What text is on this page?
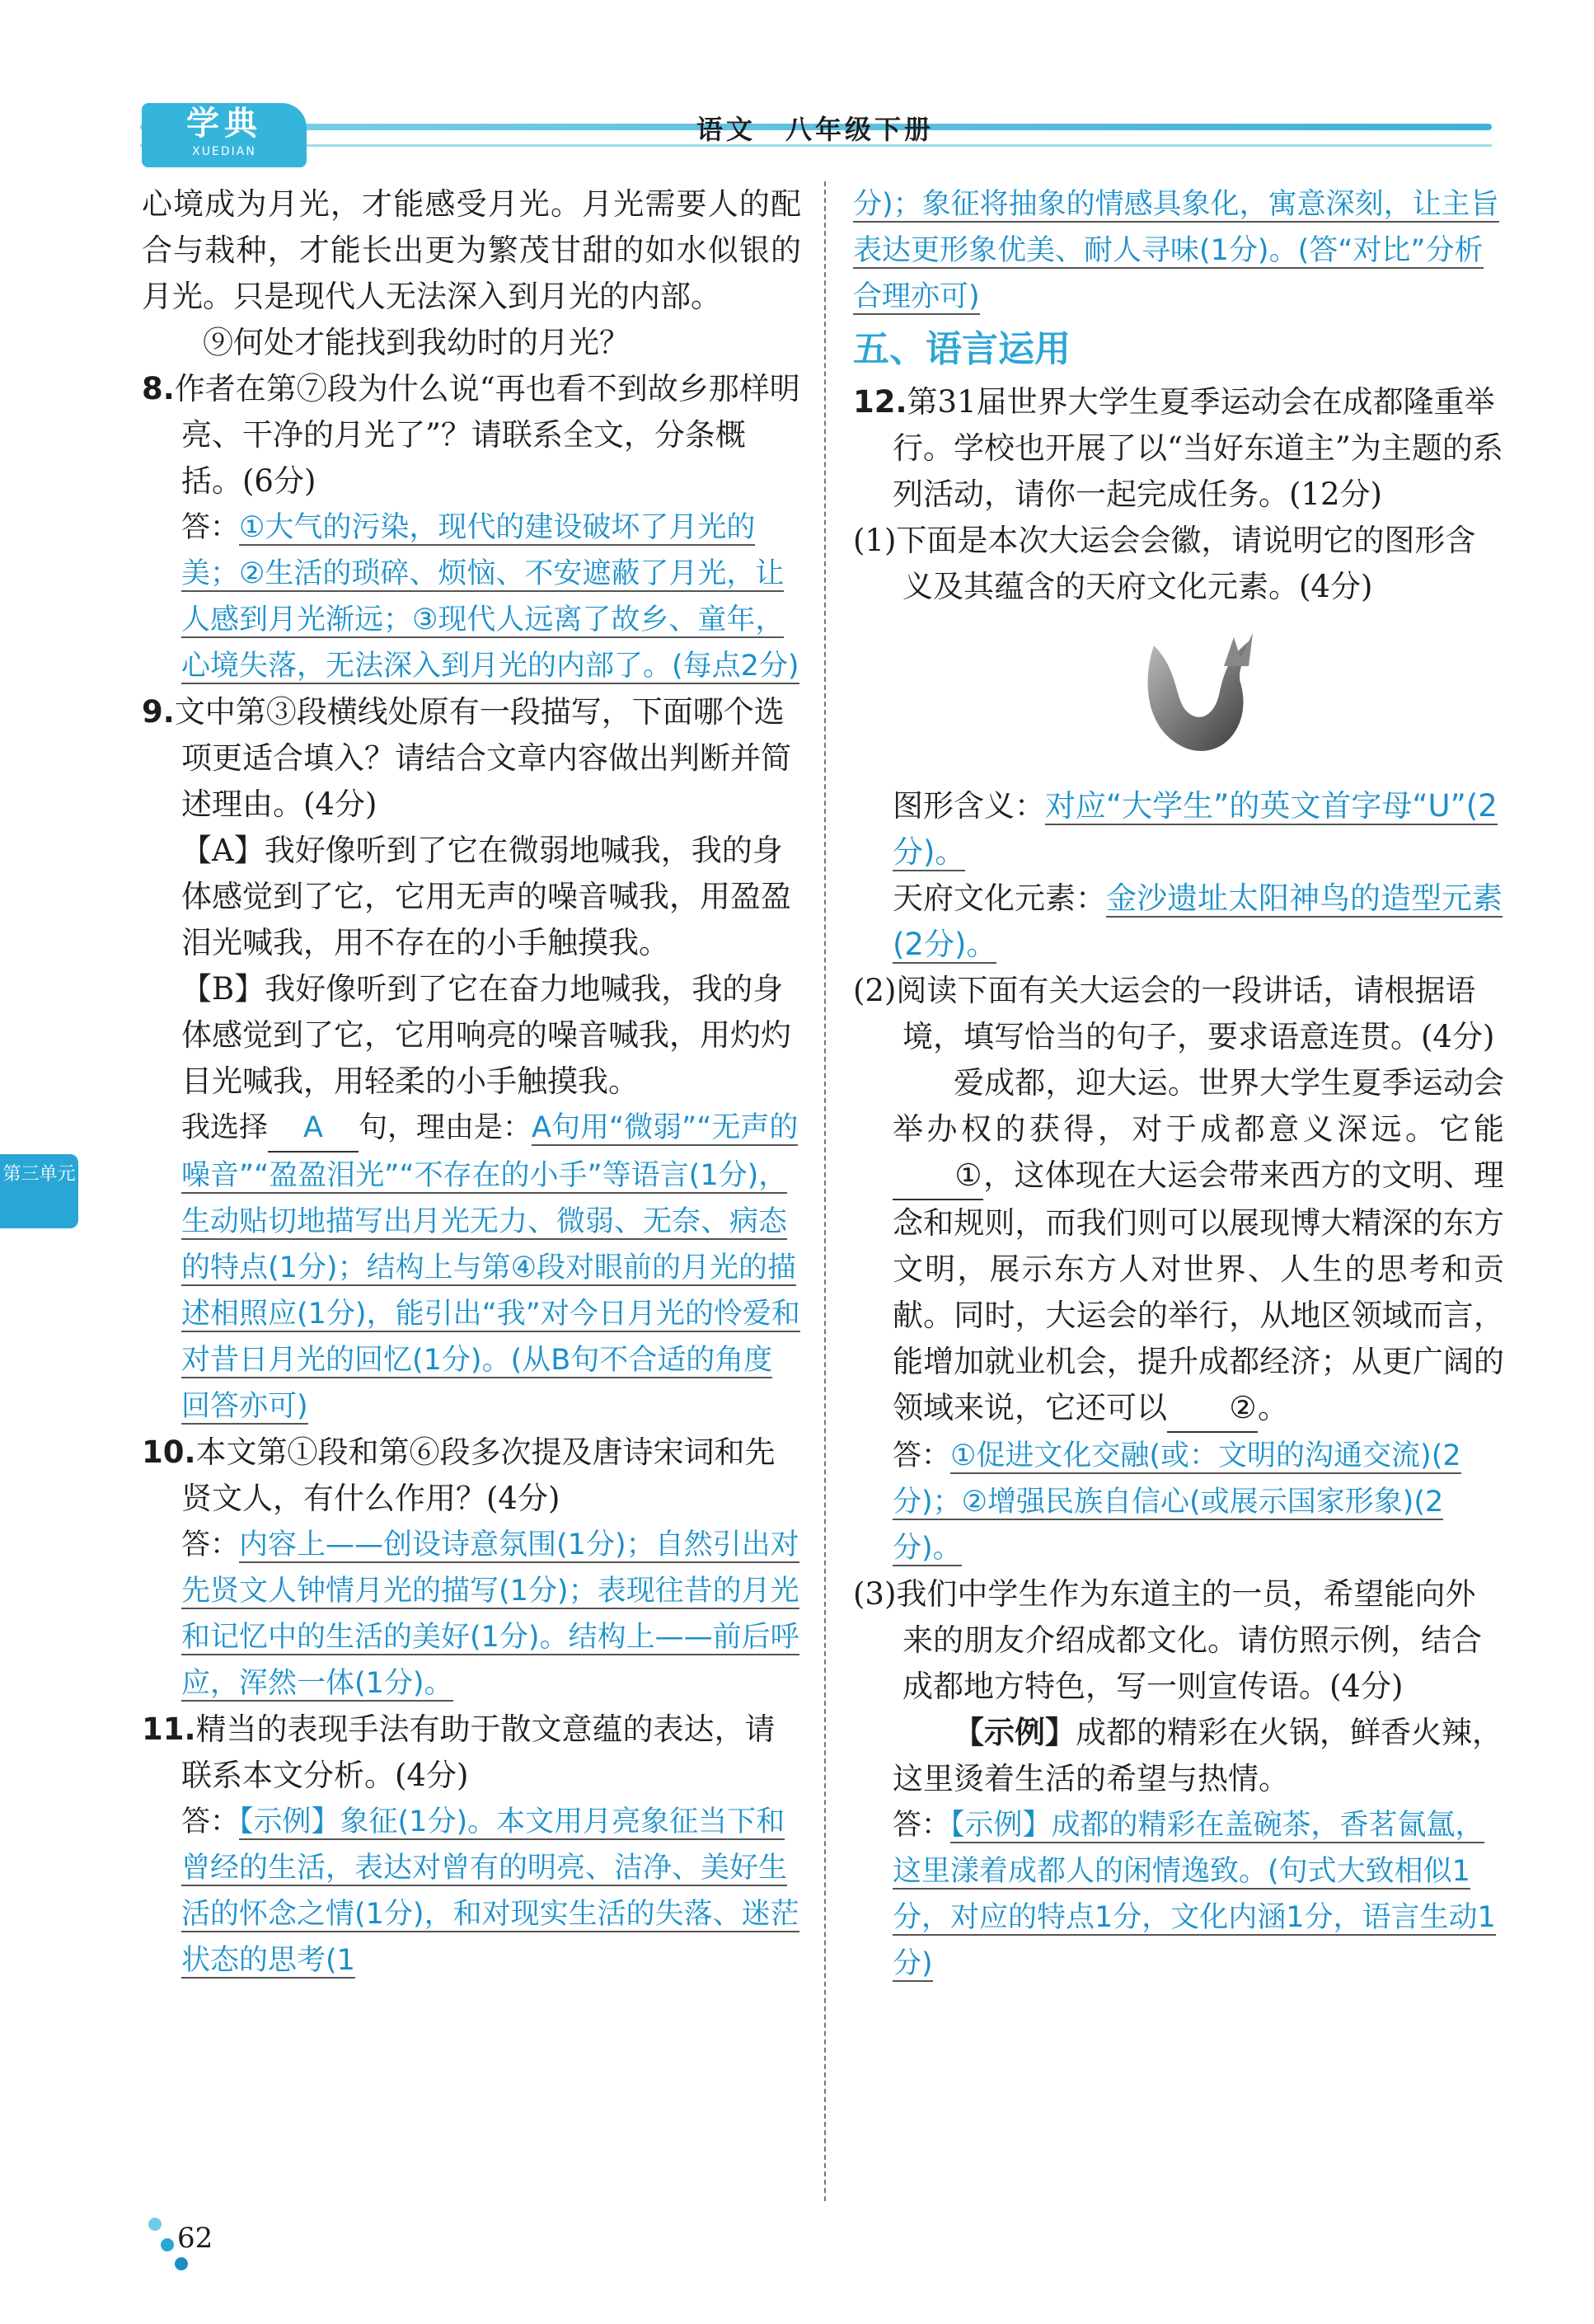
学典
XUEDIAN
语文　八年级下册
第三单元

心境成为月光，才能感受月光。月光需要人的配合与栽种，才能长出更为繁茂甘甜的如水似银的月光。只是现代人无法深入到月光的内部。

⑨何处才能找到我幼时的月光？

8.作者在第⑦段为什么说“再也看不到故乡那样明亮、干净的月光了”？请联系全文，分条概括。(6分)

答：①大气的污染，现代的建设破坏了月光的美；②生活的琐碎、烦恼、不安遮蔽了月光，让人感到月光渐远；③现代人远离了故乡、童年，心境失落，无法深入到月光的内部了。(每点2分)

9.文中第③段横线处原有一段描写，下面哪个选项更适合填入？请结合文章内容做出判断并简述理由。(4分)

【A】我好像听到了它在微弱地喊我，我的身体感觉到了它，它用无声的噪音喊我，用盈盈泪光喊我，用不存在的小手触摸我。

【B】我好像听到了它在奋力地喊我，我的身体感觉到了它，它用响亮的噪音喊我，用灼灼目光喊我，用轻柔的小手触摸我。

我选择 A 句，理由是：A句用“微弱”“无声的噪音”“盈盈泪光”“不存在的小手”等语言(1分)，生动贴切地描写出月光无力、微弱、无奈、病态的特点(1分)；结构上与第④段对眼前的月光的描述相照应(1分)，能引出“我”对今日月光的怜爱和对昔日月光的回忆(1分)。(从B句不合适的角度回答亦可)

10.本文第①段和第⑥段多次提及唐诗宋词和先贤文人，有什么作用？(4分)

答：内容上——创设诗意氛围(1分)；自然引出对先贤文人钟情月光的描写(1分)；表现往昔的月光和记忆中的生活的美好(1分)。结构上——前后呼应，浑然一体(1分)。

11.精当的表现手法有助于散文意蕴的表达，请联系本文分析。(4分)

答：【示例】象征(1分)。本文用月亮象征当下和曾经的生活，表达对曾有的明亮、洁净、美好生活的怀念之情(1分)，和对现实生活的失落、迷茫状态的思考(1

分)；象征将抽象的情感具象化，寓意深刻，让主旨表达更形象优美、耐人寻味(1分)。(答“对比”分析合理亦可)

五、语言运用

12.第31届世界大学生夏季运动会在成都隆重举行。学校也开展了以“当好东道主”为主题的系列活动，请你一起完成任务。(12分)

(1)下面是本次大运会会徽，请说明它的图形含义及其蕴含的天府文化元素。(4分)

图形含义：对应“大学生”的英文首字母“U”(2分)。

天府文化元素：金沙遗址太阳神鸟的造型元素(2分)。

(2)阅读下面有关大运会的一段讲话，请根据语境，填写恰当的句子，要求语意连贯。(4分)

爱成都，迎大运。世界大学生夏季运动会举办权的获得，对于成都意义深远。它能①，这体现在大运会带来西方的文明、理念和规则，而我们则可以展现博大精深的东方文明，展示东方人对世界、人生的思考和贡献。同时，大运会的举行，从地区领域而言，能增加就业机会，提升成都经济；从更广阔的领域来说，它还可以 ②。

答：①促进文化交融(或：文明的沟通交流)(2分)；②增强民族自信心(或展示国家形象)(2分)。

(3)我们中学生作为东道主的一员，希望能向外来的朋友介绍成都文化。请仿照示例，结合成都地方特色，写一则宣传语。(4分)

【示例】成都的精彩在火锅，鲜香火辣，这里烫着生活的希望与热情。

答：【示例】成都的精彩在盖碗茶，香茗氤氲，这里漾着成都人的闲情逸致。(句式大致相似1分，对应的特点1分，文化内涵1分，语言生动1分)

62
